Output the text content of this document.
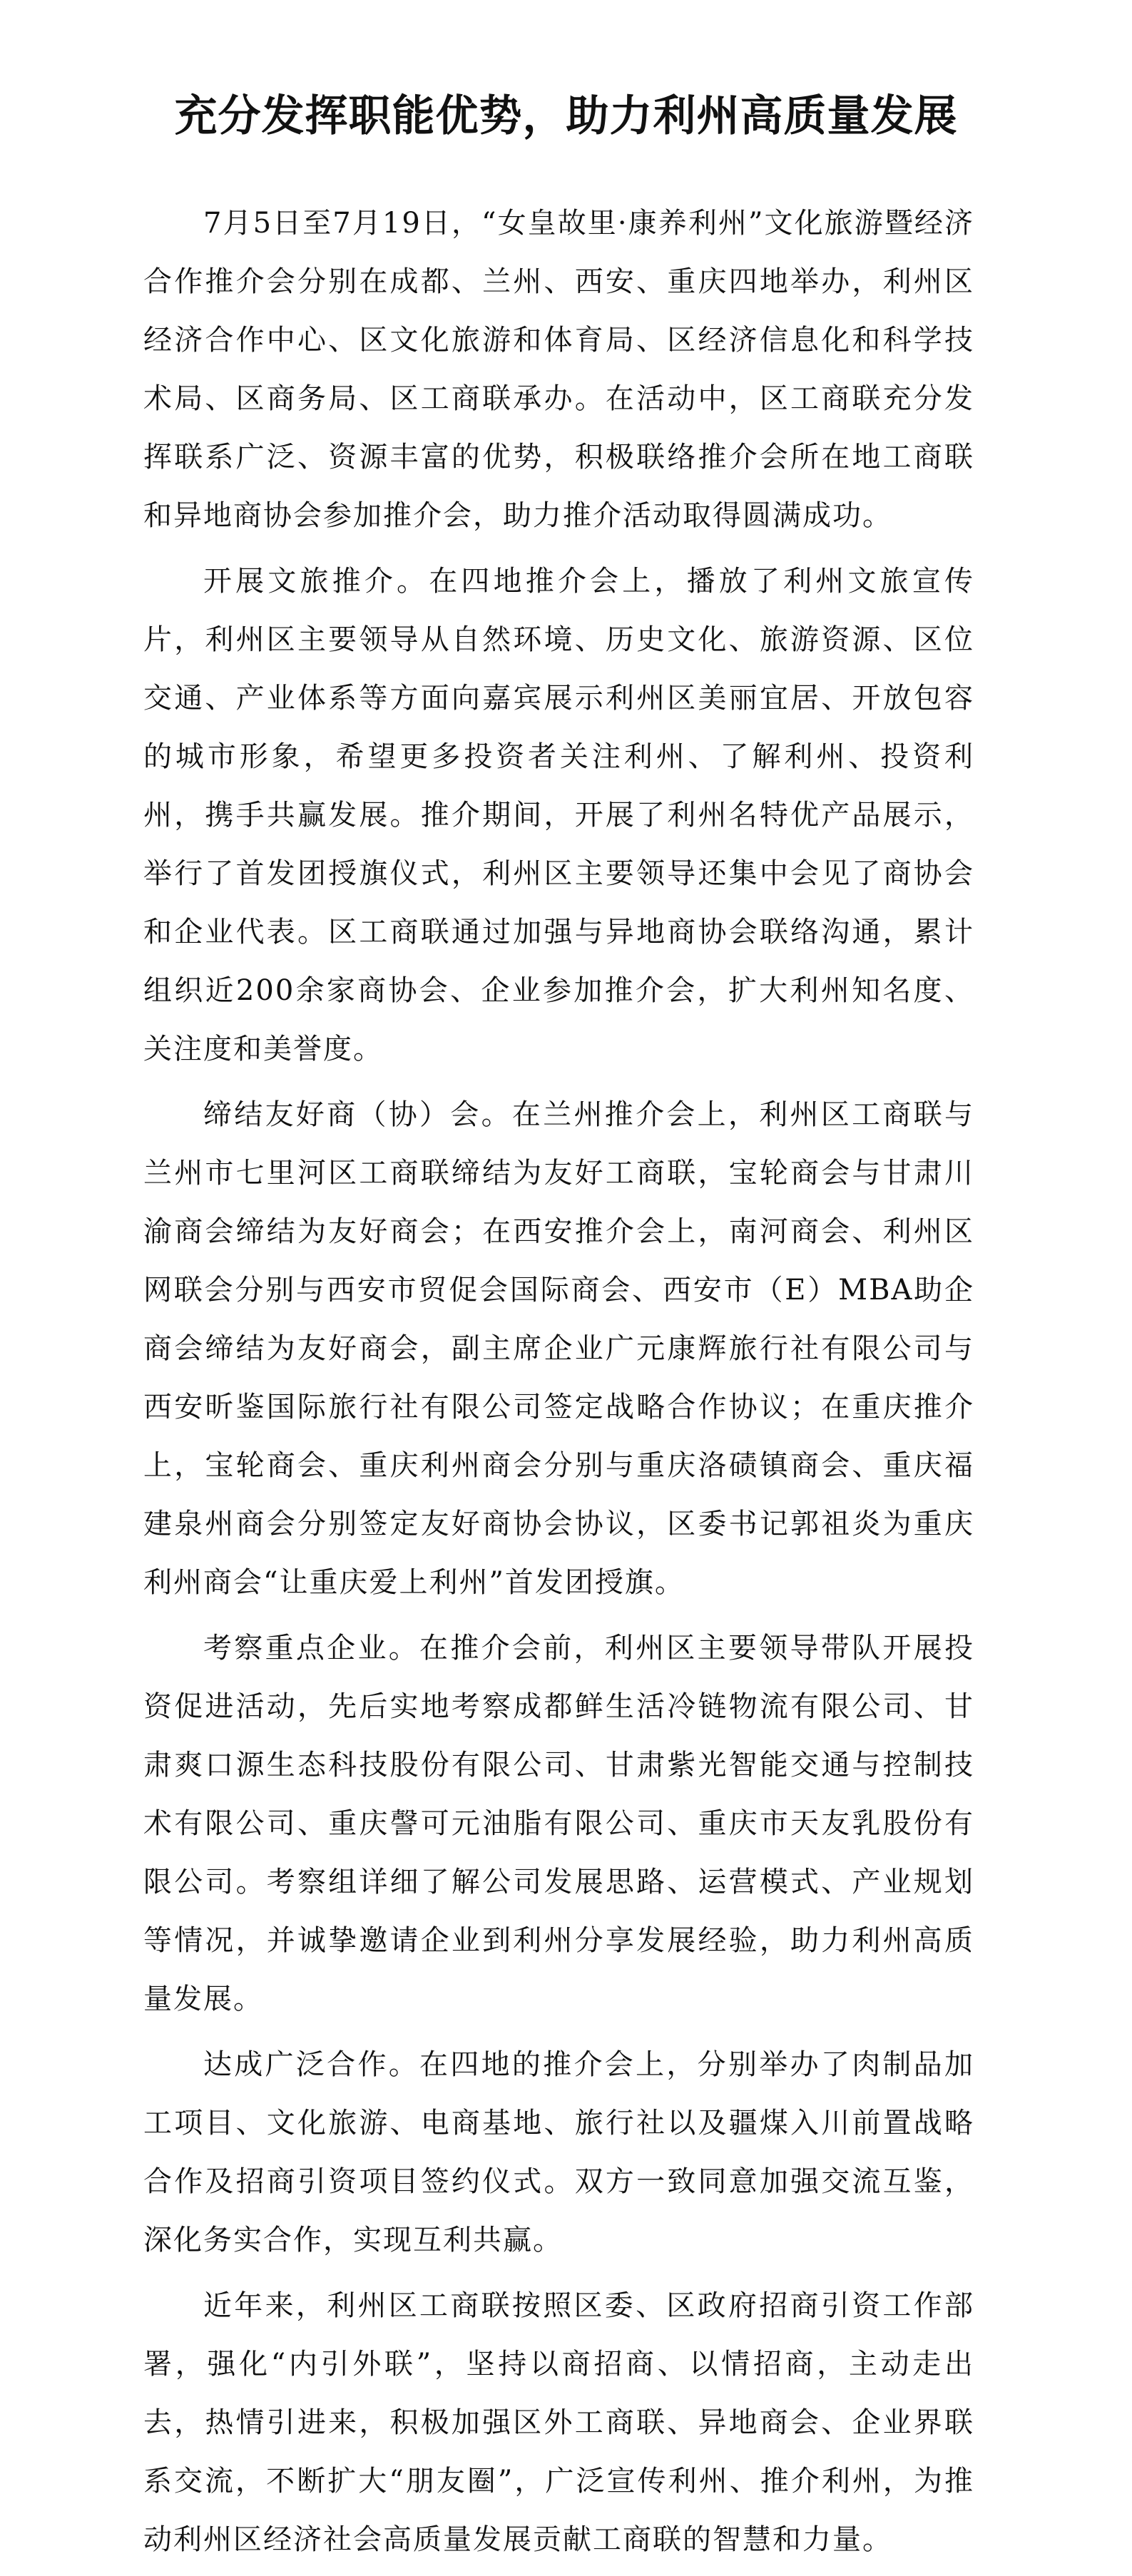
充分发挥职能优势，助力利州高质量发展

7月5日至7月19日，“女皇故里·康养利州”文化旅游暨经济合作推介会分别在成都、兰州、西安、重庆四地举办，利州区经济合作中心、区文化旅游和体育局、区经济信息化和科学技术局、区商务局、区工商联承办。在活动中，区工商联充分发挥联系广泛、资源丰富的优势，积极联络推介会所在地工商联和异地商协会参加推介会，助力推介活动取得圆满成功。

开展文旅推介。在四地推介会上，播放了利州文旅宣传片，利州区主要领导从自然环境、历史文化、旅游资源、区位交通、产业体系等方面向嘉宾展示利州区美丽宜居、开放包容的城市形象，希望更多投资者关注利州、了解利州、投资利州，携手共赢发展。推介期间，开展了利州名特优产品展示，举行了首发团授旗仪式，利州区主要领导还集中会见了商协会和企业代表。区工商联通过加强与异地商协会联络沟通，累计组织近200余家商协会、企业参加推介会，扩大利州知名度、关注度和美誉度。

缔结友好商（协）会。在兰州推介会上，利州区工商联与兰州市七里河区工商联缔结为友好工商联，宝轮商会与甘肃川渝商会缔结为友好商会；在西安推介会上，南河商会、利州区网联会分别与西安市贸促会国际商会、西安市（E）MBA助企商会缔结为友好商会，副主席企业广元康辉旅行社有限公司与西安昕鉴国际旅行社有限公司签定战略合作协议；在重庆推介上，宝轮商会、重庆利州商会分别与重庆洛碛镇商会、重庆福建泉州商会分别签定友好商协会协议，区委书记郭祖炎为重庆利州商会“让重庆爱上利州”首发团授旗。

考察重点企业。在推介会前，利州区主要领导带队开展投资促进活动，先后实地考察成都鲜生活冷链物流有限公司、甘肃爽口源生态科技股份有限公司、甘肃紫光智能交通与控制技术有限公司、重庆謦可元油脂有限公司、重庆市天友乳股份有限公司。考察组详细了解公司发展思路、运营模式、产业规划等情况，并诚挚邀请企业到利州分享发展经验，助力利州高质量发展。

达成广泛合作。在四地的推介会上，分别举办了肉制品加工项目、文化旅游、电商基地、旅行社以及疆煤入川前置战略合作及招商引资项目签约仪式。双方一致同意加强交流互鉴，深化务实合作，实现互利共赢。

近年来，利州区工商联按照区委、区政府招商引资工作部署，强化“内引外联”，坚持以商招商、以情招商，主动走出去，热情引进来，积极加强区外工商联、异地商会、企业界联系交流，不断扩大“朋友圈”，广泛宣传利州、推介利州，为推动利州区经济社会高质量发展贡献工商联的智慧和力量。
